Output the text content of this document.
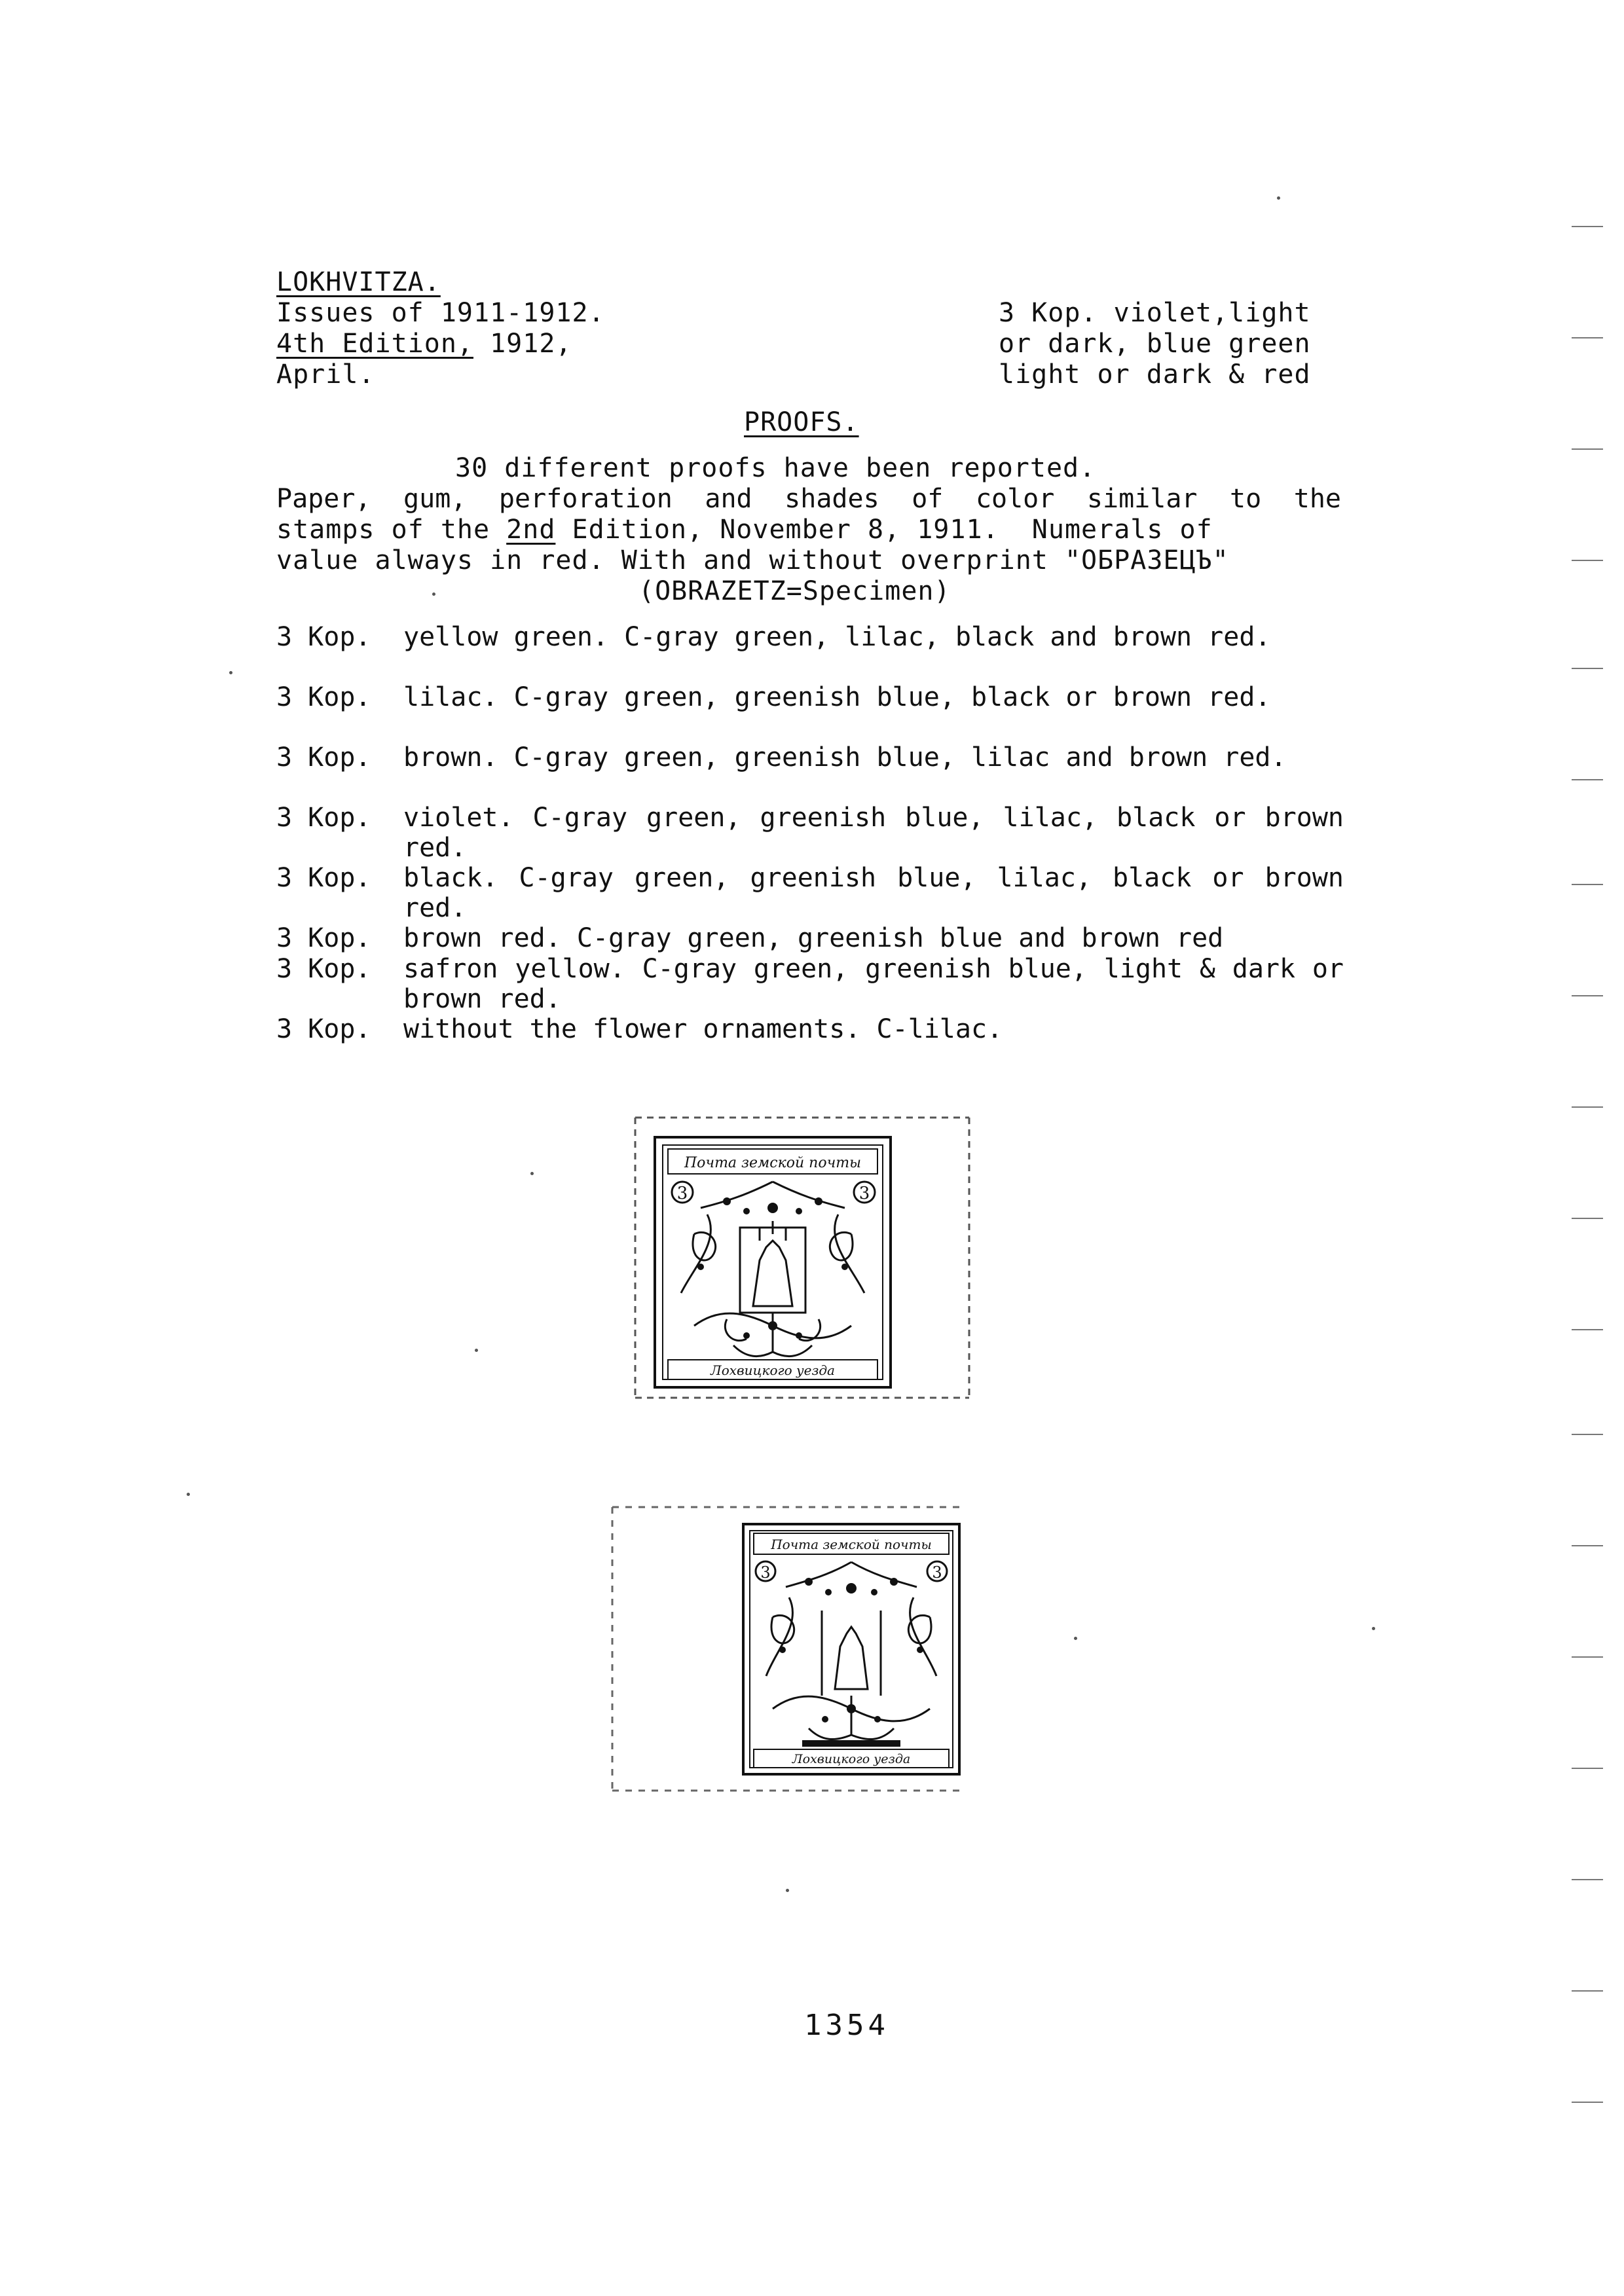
LOKHVITZA.
Issues of 1911-1912.
4th Edition, 1912,
April.
3 Kop. violet,light
or dark, blue green
light or dark & red
PROOFS.
30 different proofs have been reported.
Paper, gum, perforation and shades of color similar to the
stamps of the 2nd Edition, November 8, 1911.  Numerals of
value always in red. With and without overprint "ОБРАЗЕЦЪ"
(OBRAZETZ=Specimen)
3 Kop. yellow green. C-gray green, lilac, black and brown red.
3 Kop. lilac. C-gray green, greenish blue, black or brown red.
3 Kop. brown. C-gray green, greenish blue, lilac and brown red.
3 Kop. violet. C-gray green, greenish blue, lilac, black or brown red.
3 Kop. black. C-gray green, greenish blue, lilac, black or brown red.
3 Kop. brown red. C-gray green, greenish blue and brown red
3 Kop. safron yellow. C-gray green, greenish blue, light & dark or brown red.
3 Kop. without the flower ornaments. C-lilac.
Почта земской почты
3	3
Лохвицкого уезда
Почта земской почты
3	3
Лохвицкого уезда
1354
